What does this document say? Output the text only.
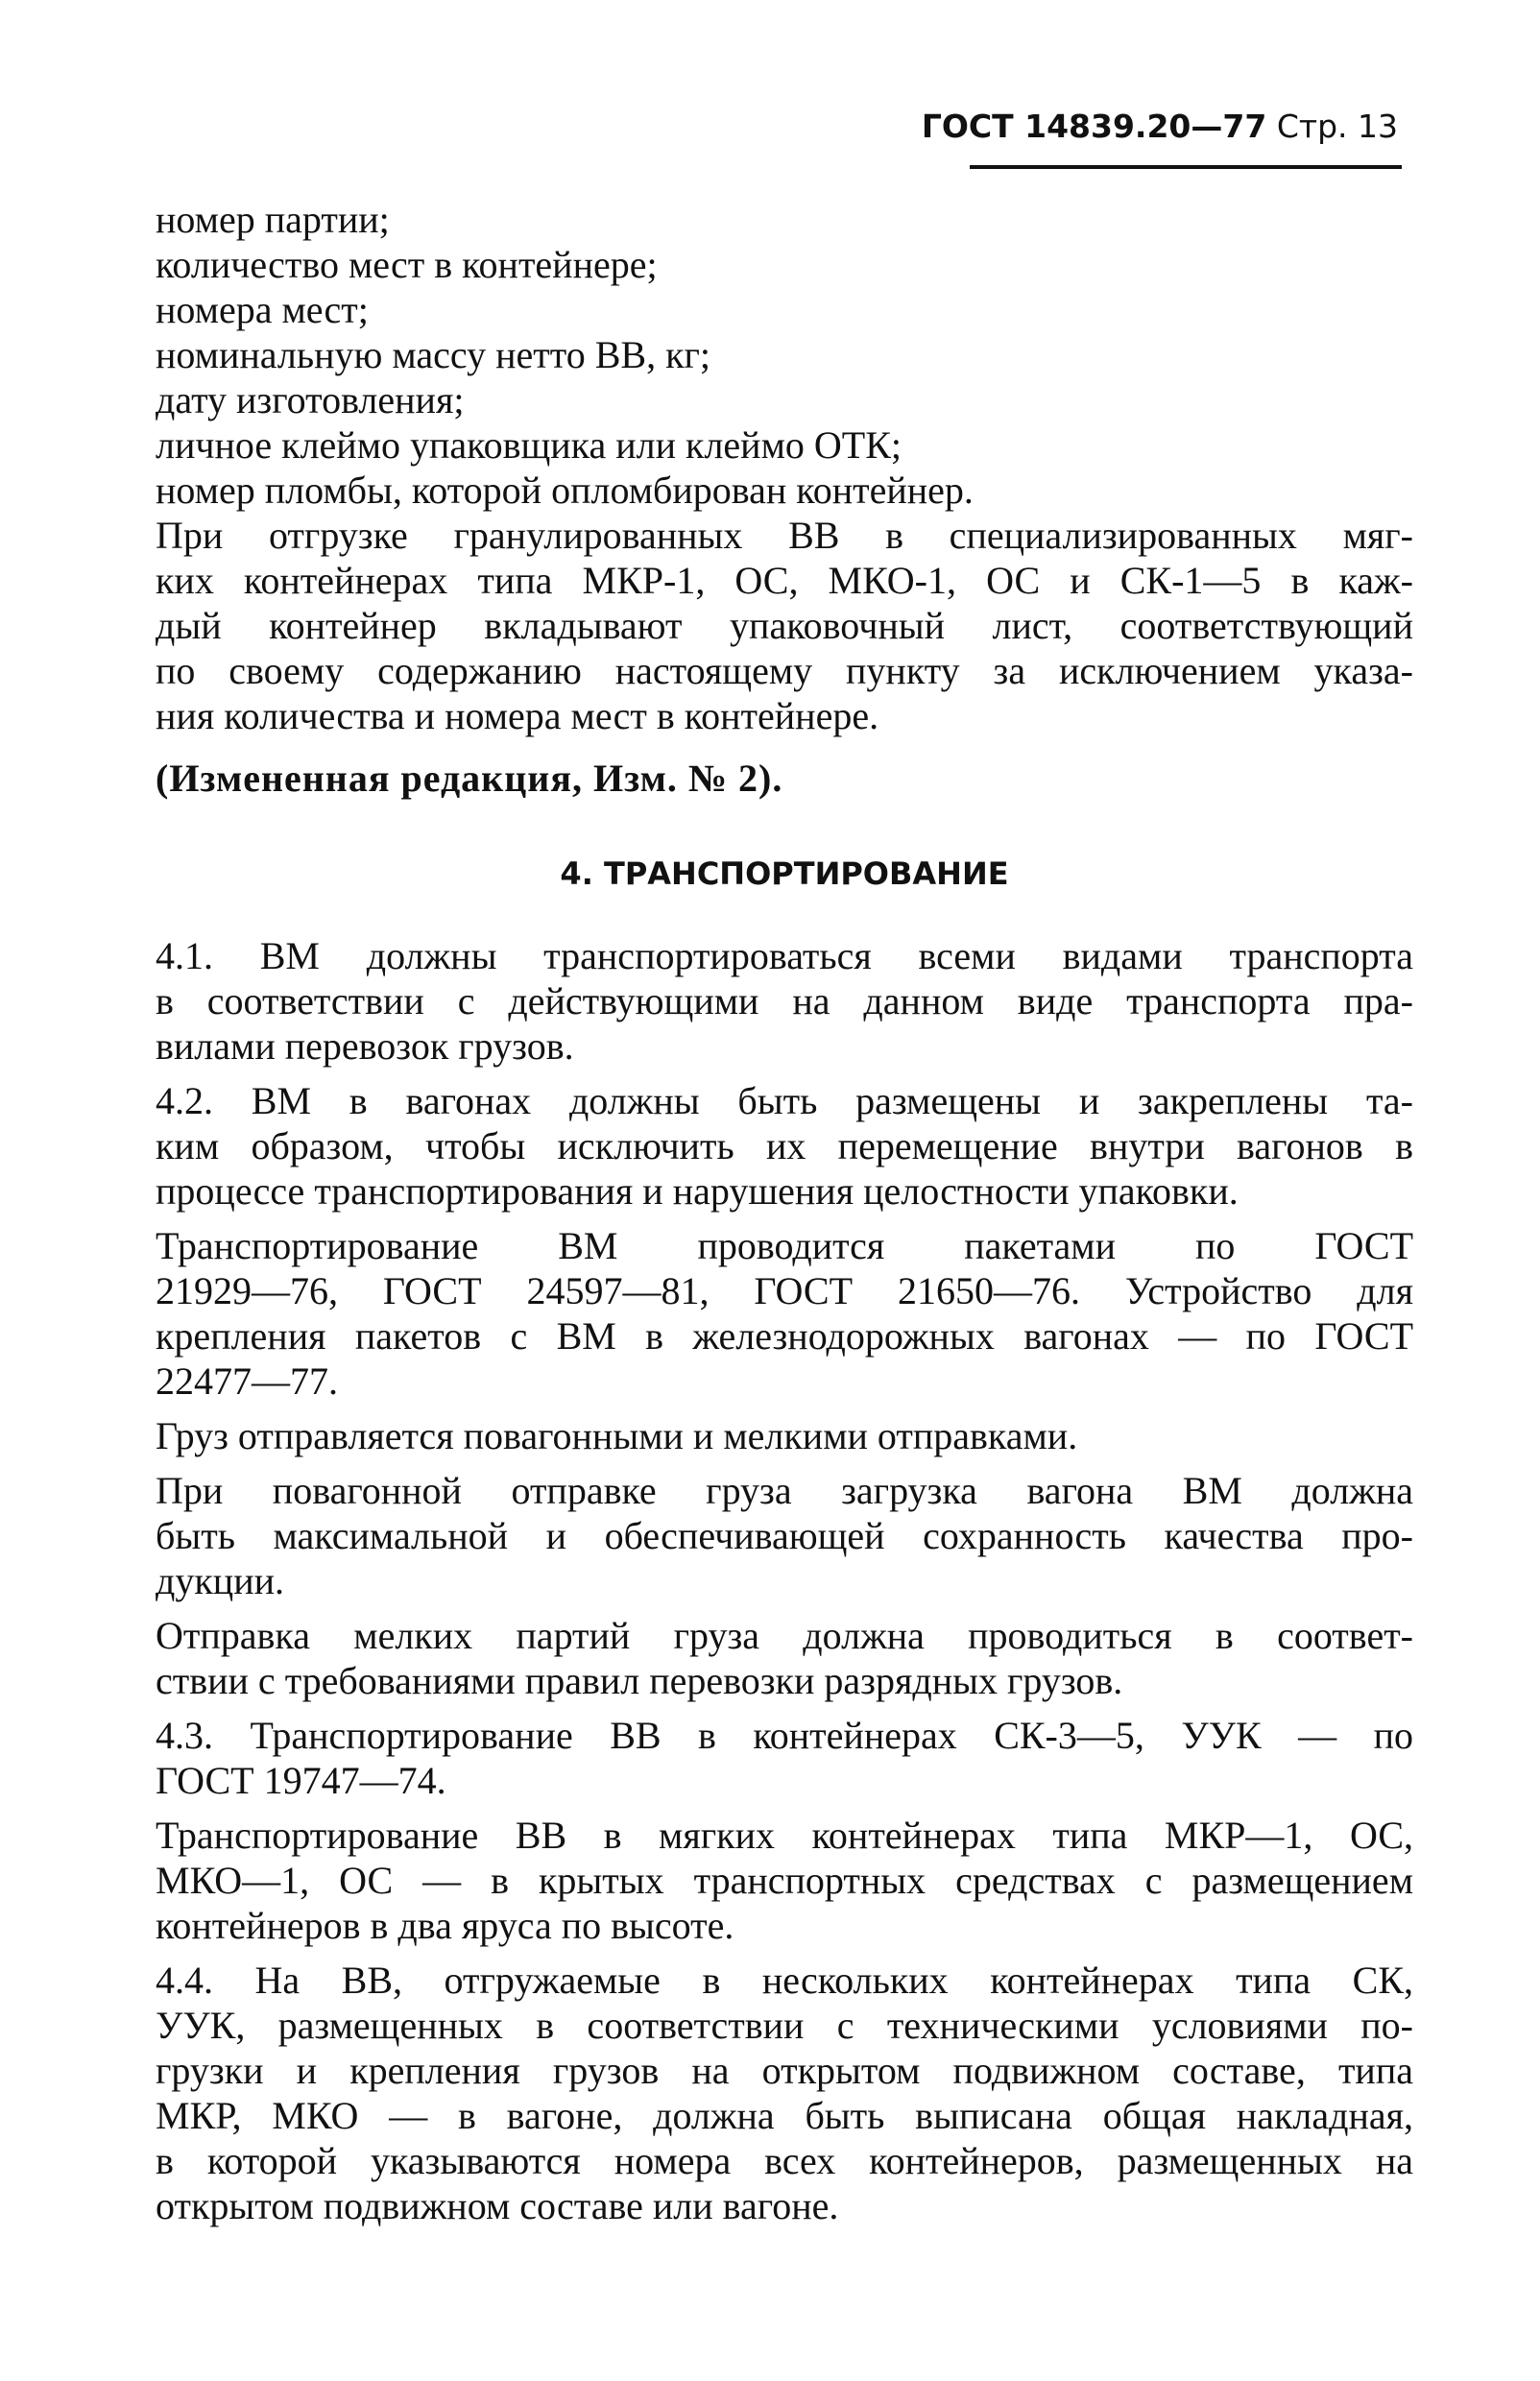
ГОСТ 14839.20—77 Стр. 13
номер партии;
количество мест в контейнере;
номера мест;
номинальную массу нетто ВВ, кг;
дату изготовления;
личное клеймо упаковщика или клеймо ОТК;
номер пломбы, которой опломбирован контейнер.
При отгрузке гранулированных ВВ в специализированных мяг-
ких контейнерах типа МКР-1, ОС, МКО-1, ОС и СК-1—5 в каж-
дый контейнер вкладывают упаковочный лист, соответствующий
по своему содержанию настоящему пункту за исключением указа-
ния количества и номера мест в контейнере.
(Измененная редакция, Изм. № 2).
4. ТРАНСПОРТИРОВАНИЕ
4.1. ВМ должны транспортироваться всеми видами транспорта
в соответствии с действующими на данном виде транспорта пра-
вилами перевозок грузов.
4.2. ВМ в вагонах должны быть размещены и закреплены та-
ким образом, чтобы исключить их перемещение внутри вагонов в
процессе транспортирования и нарушения целостности упаковки.
Транспортирование ВМ проводится пакетами по ГОСТ
21929—76, ГОСТ 24597—81, ГОСТ 21650—76. Устройство для
крепления пакетов с ВМ в железнодорожных вагонах — по ГОСТ
22477—77.
Груз отправляется повагонными и мелкими отправками.
При повагонной отправке груза загрузка вагона ВМ должна
быть максимальной и обеспечивающей сохранность качества про-
дукции.
Отправка мелких партий груза должна проводиться в соответ-
ствии с требованиями правил перевозки разрядных грузов.
4.3. Транспортирование ВВ в контейнерах СК-3—5, УУК — по
ГОСТ 19747—74.
Транспортирование ВВ в мягких контейнерах типа МКР—1, ОС,
МКО—1, ОС — в крытых транспортных средствах с размещением
контейнеров в два яруса по высоте.
4.4. На ВВ, отгружаемые в нескольких контейнерах типа СК,
УУК, размещенных в соответствии с техническими условиями по-
грузки и крепления грузов на открытом подвижном составе, типа
МКР, МКО — в вагоне, должна быть выписана общая накладная,
в которой указываются номера всех контейнеров, размещенных на
открытом подвижном составе или вагоне.
